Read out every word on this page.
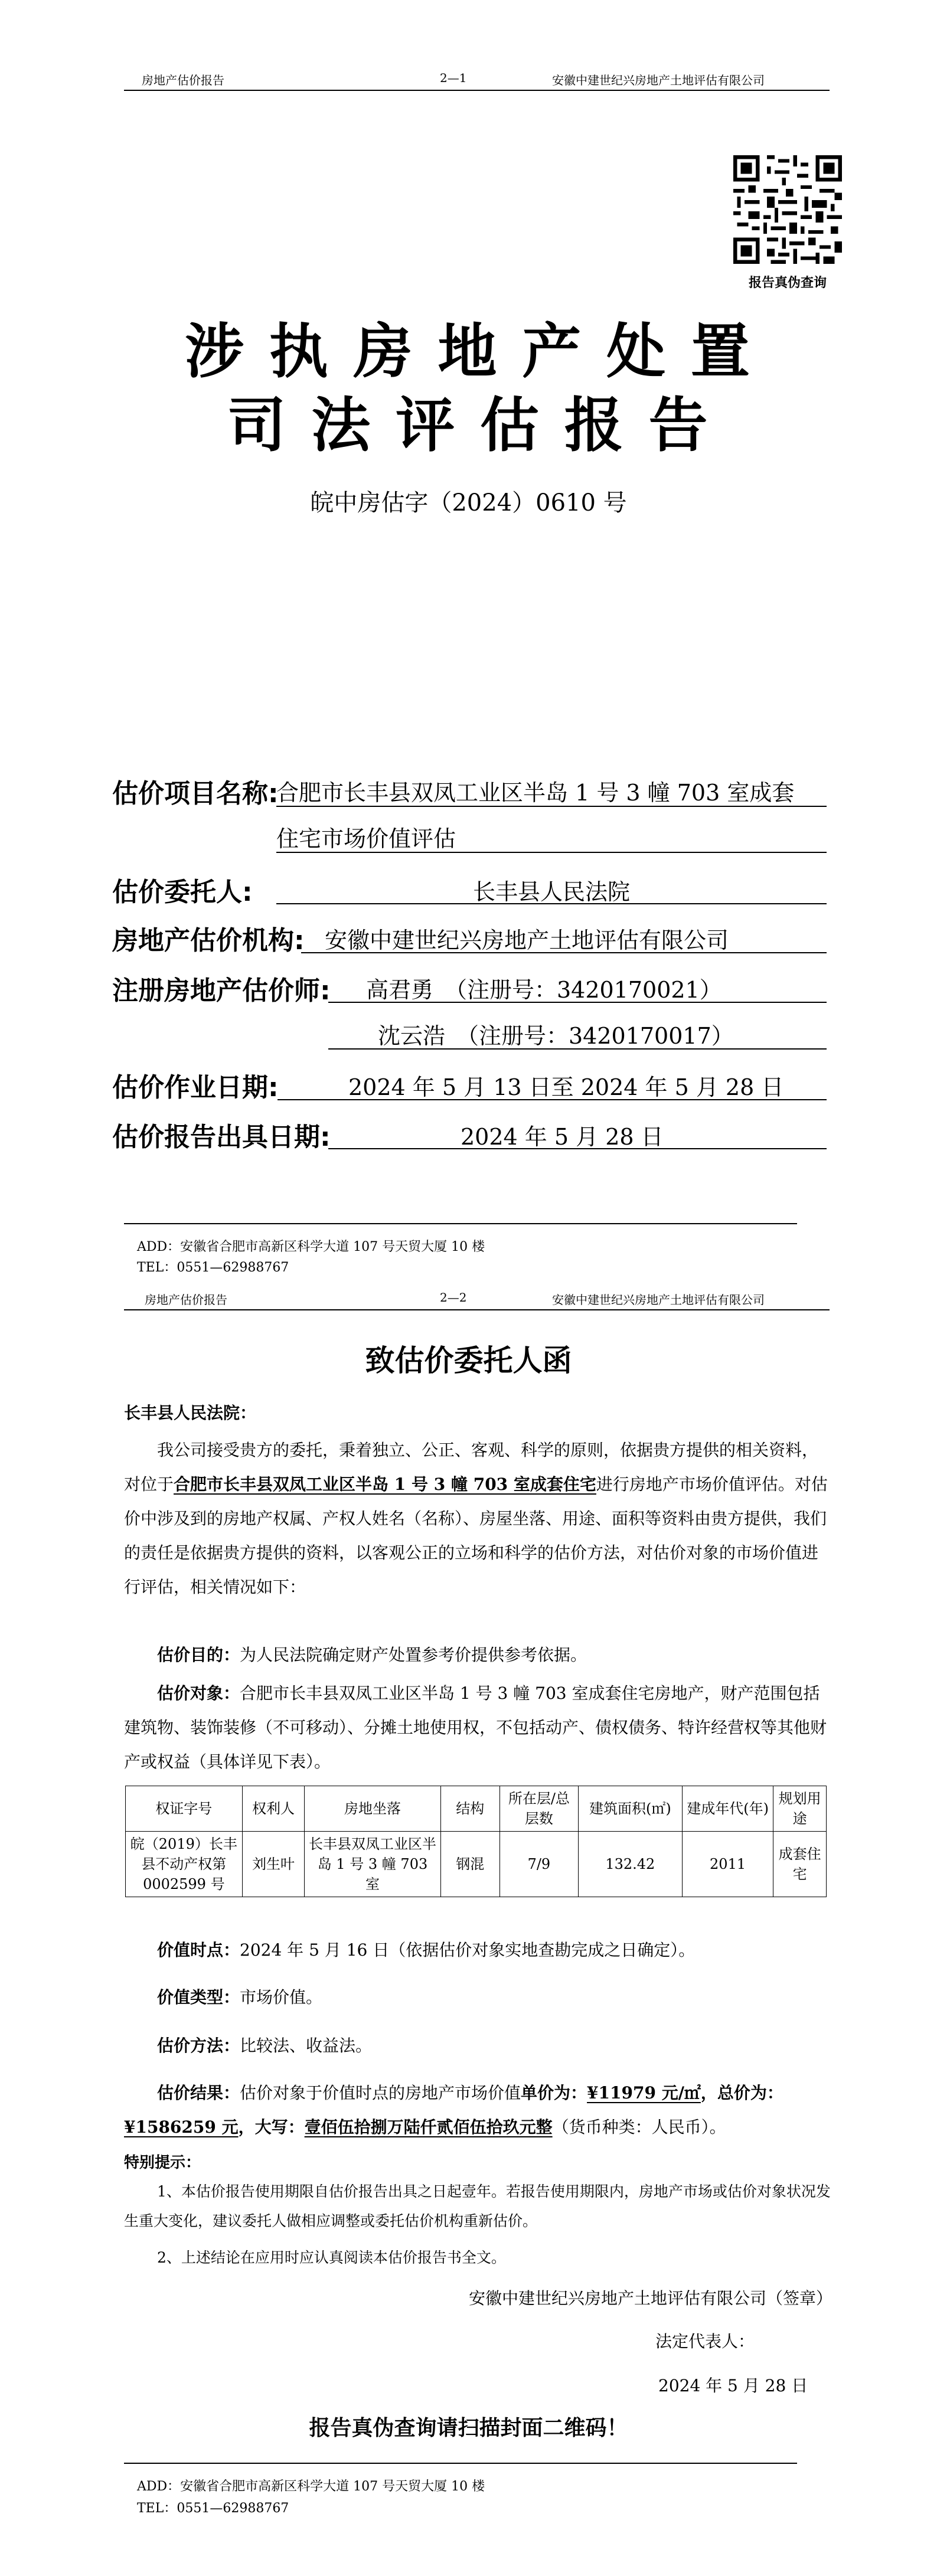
房地产估价报告	2—1	安徽中建世纪兴房地产土地评估有限公司
报告真伪查询
涉 执 房 地 产 处 置
司 法 评 估 报 告
皖中房估字（2024）0610 号
估价项目名称:
合肥市长丰县双凤工业区半岛 1 号 3 幢 703 室成套
住宅市场价值评估
估价委托人:	长丰县人民法院
房地产估价机构: 安徽中建世纪兴房地产土地评估有限公司
注册房地产估价师: 高君勇　（注册号：3420170021）
沈云浩　（注册号：3420170017）
估价作业日期:	2024 年 5 月 13 日至 2024 年 5 月 28 日
估价报告出具日期:	2024 年 5 月 28 日
ADD：安徽省合肥市高新区科学大道 107 号天贸大厦 10 楼
TEL：0551—62988767
房地产估价报告	2—2	安徽中建世纪兴房地产土地评估有限公司
致估价委托人函
长丰县人民法院：
我公司接受贵方的委托，秉着独立、公正、客观、科学的原则，依据贵方提供的相关资料，对位于合肥市长丰县双凤工业区半岛 1 号 3 幢 703 室成套住宅进行房地产市场价值评估。对估价中涉及到的房地产权属、产权人姓名（名称）、房屋坐落、用途、面积等资料由贵方提供，我们的责任是依据贵方提供的资料，以客观公正的立场和科学的估价方法，对估价对象的市场价值进行评估，相关情况如下：
估价目的：为人民法院确定财产处置参考价提供参考依据。
估价对象：合肥市长丰县双凤工业区半岛 1 号 3 幢 703 室成套住宅房地产，财产范围包括建筑物、装饰装修（不可移动）、分摊土地使用权，不包括动产、债权债务、特许经营权等其他财产或权益（具体详见下表）。
权证字号	权利人	房地坐落	结构	所在层/总层数	建筑面积(㎡)	建成年代(年)	规划用途
皖（2019）长丰县不动产权第 0002599 号	刘生叶	长丰县双凤工业区半岛 1 号 3 幢 703 室	钢混	7/9	132.42	2011	成套住宅
价值时点：2024 年 5 月 16 日（依据估价对象实地查勘完成之日确定）。
价值类型：市场价值。
估价方法：比较法、收益法。
估价结果：估价对象于价值时点的房地产市场价值单价为：¥11979 元/㎡，总价为：¥1586259 元，大写：壹佰伍拾捌万陆仟贰佰伍拾玖元整（货币种类：人民币）。
特别提示：
1、本估价报告使用期限自估价报告出具之日起壹年。若报告使用期限内，房地产市场或估价对象状况发生重大变化，建议委托人做相应调整或委托估价机构重新估价。
2、上述结论在应用时应认真阅读本估价报告书全文。
安徽中建世纪兴房地产土地评估有限公司（签章）
法定代表人：
2024 年 5 月 28 日
报告真伪查询请扫描封面二维码！
ADD：安徽省合肥市高新区科学大道 107 号天贸大厦 10 楼
TEL：0551—62988767
